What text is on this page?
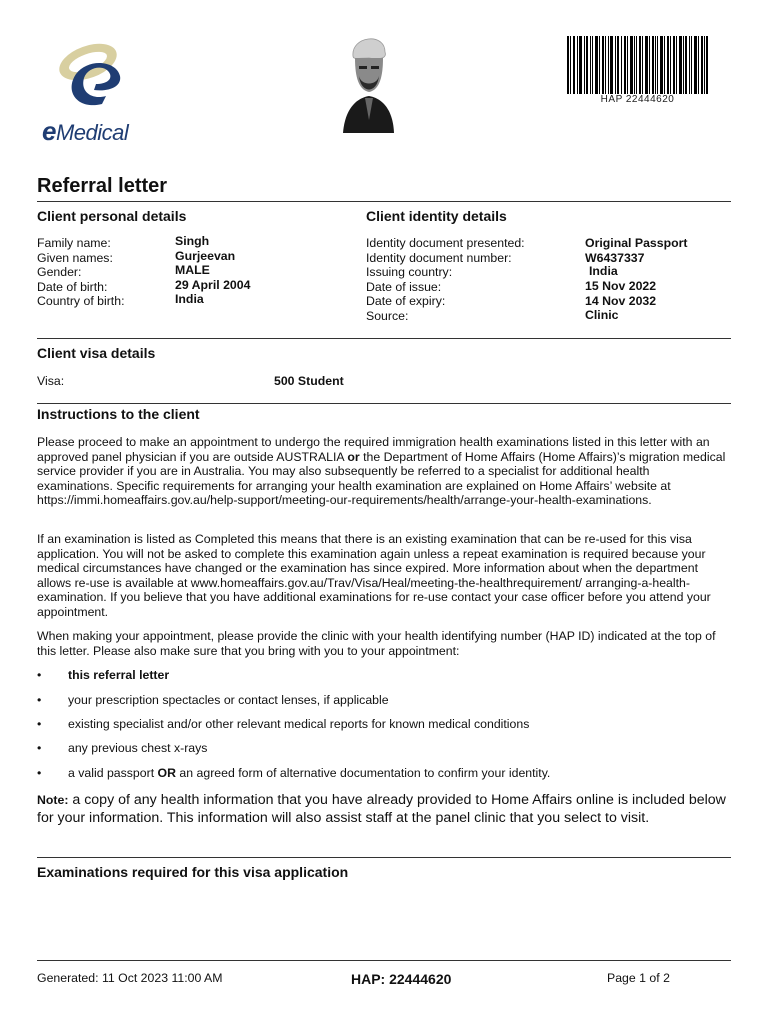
eMedical
HAP 22444620
Referral letter
Client personal details
Family name:	Singh
Given names:	Gurjeevan
Gender:	MALE
Date of birth:	29 April 2004
Country of birth:	India
Client identity details
Identity document presented:	Original Passport
Identity document number:	W6437337
Issuing country:	India
Date of issue:	15 Nov 2022
Date of expiry:	14 Nov 2032
Source:	Clinic
Client visa details
Visa:	500 Student
Instructions to the client
Please proceed to make an appointment to undergo the required immigration health examinations listed in this letter with an approved panel physician if you are outside AUSTRALIA or the Department of Home Affairs (Home Affairs)’s migration medical service provider if you are in Australia. You may also subsequently be referred to a specialist for additional health examinations. Specific requirements for arranging your health examination are explained on Home Affairs’ website at https://immi.homeaffairs.gov.au/help-support/meeting-our-requirements/health/arrange-your-health-examinations.
If an examination is listed as Completed this means that there is an existing examination that can be re-used for this visa application. You will not be asked to complete this examination again unless a repeat examination is required because your medical circumstances have changed or the examination has since expired. More information about when the department allows re-use is available at www.homeaffairs.gov.au/Trav/Visa/Heal/meeting-the-healthrequirement/ arranging-a-health-examination. If you believe that you have additional examinations for re-use contact your case officer before you attend your appointment.
When making your appointment, please provide the clinic with your health identifying number (HAP ID) indicated at the top of this letter. Please also make sure that you bring with you to your appointment:
• this referral letter
• your prescription spectacles or contact lenses, if applicable
• existing specialist and/or other relevant medical reports for known medical conditions
• any previous chest x-rays
• a valid passport OR an agreed form of alternative documentation to confirm your identity.
Note: a copy of any health information that you have already provided to Home Affairs online is included below for your information. This information will also assist staff at the panel clinic that you select to visit.
Examinations required for this visa application
Generated: 11 Oct 2023 11:00 AM	HAP: 22444620	Page 1 of 2
